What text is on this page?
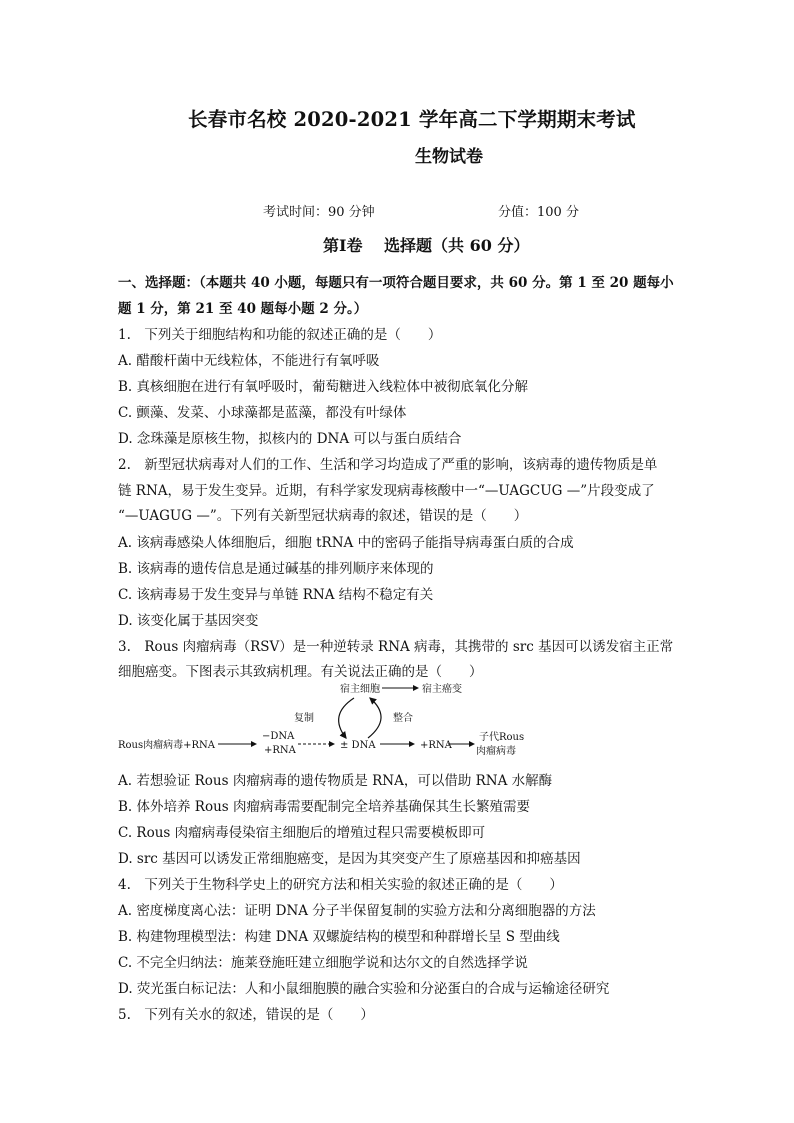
长春市名校 2020-2021 学年高二下学期期末考试
生物试卷
考试时间：90 分钟	分值：100 分
第Ⅰ卷　 选择题（共 60 分）
一、选择题：（本题共 40 小题，每题只有一项符合题目要求，共 60 分。第 1 至 20 题每小
题 1 分，第 21 至 40 题每小题 2 分。）
1.　下列关于细胞结构和功能的叙述正确的是（　　）
A. 醋酸杆菌中无线粒体，不能进行有氧呼吸
B. 真核细胞在进行有氧呼吸时，葡萄糖进入线粒体中被彻底氧化分解
C. 颤藻、发菜、小球藻都是蓝藻，都没有叶绿体
D. 念珠藻是原核生物，拟核内的 DNA 可以与蛋白质结合
2.　新型冠状病毒对人们的工作、生活和学习均造成了严重的影响，该病毒的遗传物质是单
链 RNA，易于发生变异。近期，有科学家发现病毒核酸中一“—UAGCUG —”片段变成了
“—UAGUG —”。下列有关新型冠状病毒的叙述，错误的是（　　）
A. 该病毒感染人体细胞后，细胞 tRNA 中的密码子能指导病毒蛋白质的合成
B. 该病毒的遗传信息是通过碱基的排列顺序来体现的
C. 该病毒易于发生变异与单链 RNA 结构不稳定有关
D. 该变化属于基因突变
3.　Rous 肉瘤病毒（RSV）是一种逆转录 RNA 病毒，其携带的 src 基因可以诱发宿主正常
细胞癌变。下图表示其致病机理。有关说法正确的是（　　）
宿主细胞	宿主癌变
复制	整合
Rous肉瘤病毒+RNA
−DNA
+RNA	± DNA	+RNA
子代Rous
肉瘤病毒
A. 若想验证 Rous 肉瘤病毒的遗传物质是 RNA，可以借助 RNA 水解酶
B. 体外培养 Rous 肉瘤病毒需要配制完全培养基确保其生长繁殖需要
C. Rous 肉瘤病毒侵染宿主细胞后的增殖过程只需要模板即可
D. src 基因可以诱发正常细胞癌变，是因为其突变产生了原癌基因和抑癌基因
4.　下列关于生物科学史上的研究方法和相关实验的叙述正确的是（　　）
A. 密度梯度离心法：证明 DNA 分子半保留复制的实验方法和分离细胞器的方法
B. 构建物理模型法：构建 DNA 双螺旋结构的模型和种群增长呈 S 型曲线
C. 不完全归纳法：施莱登施旺建立细胞学说和达尔文的自然选择学说
D. 荧光蛋白标记法：人和小鼠细胞膜的融合实验和分泌蛋白的合成与运输途径研究
5.　下列有关水的叙述，错误的是（　　）
